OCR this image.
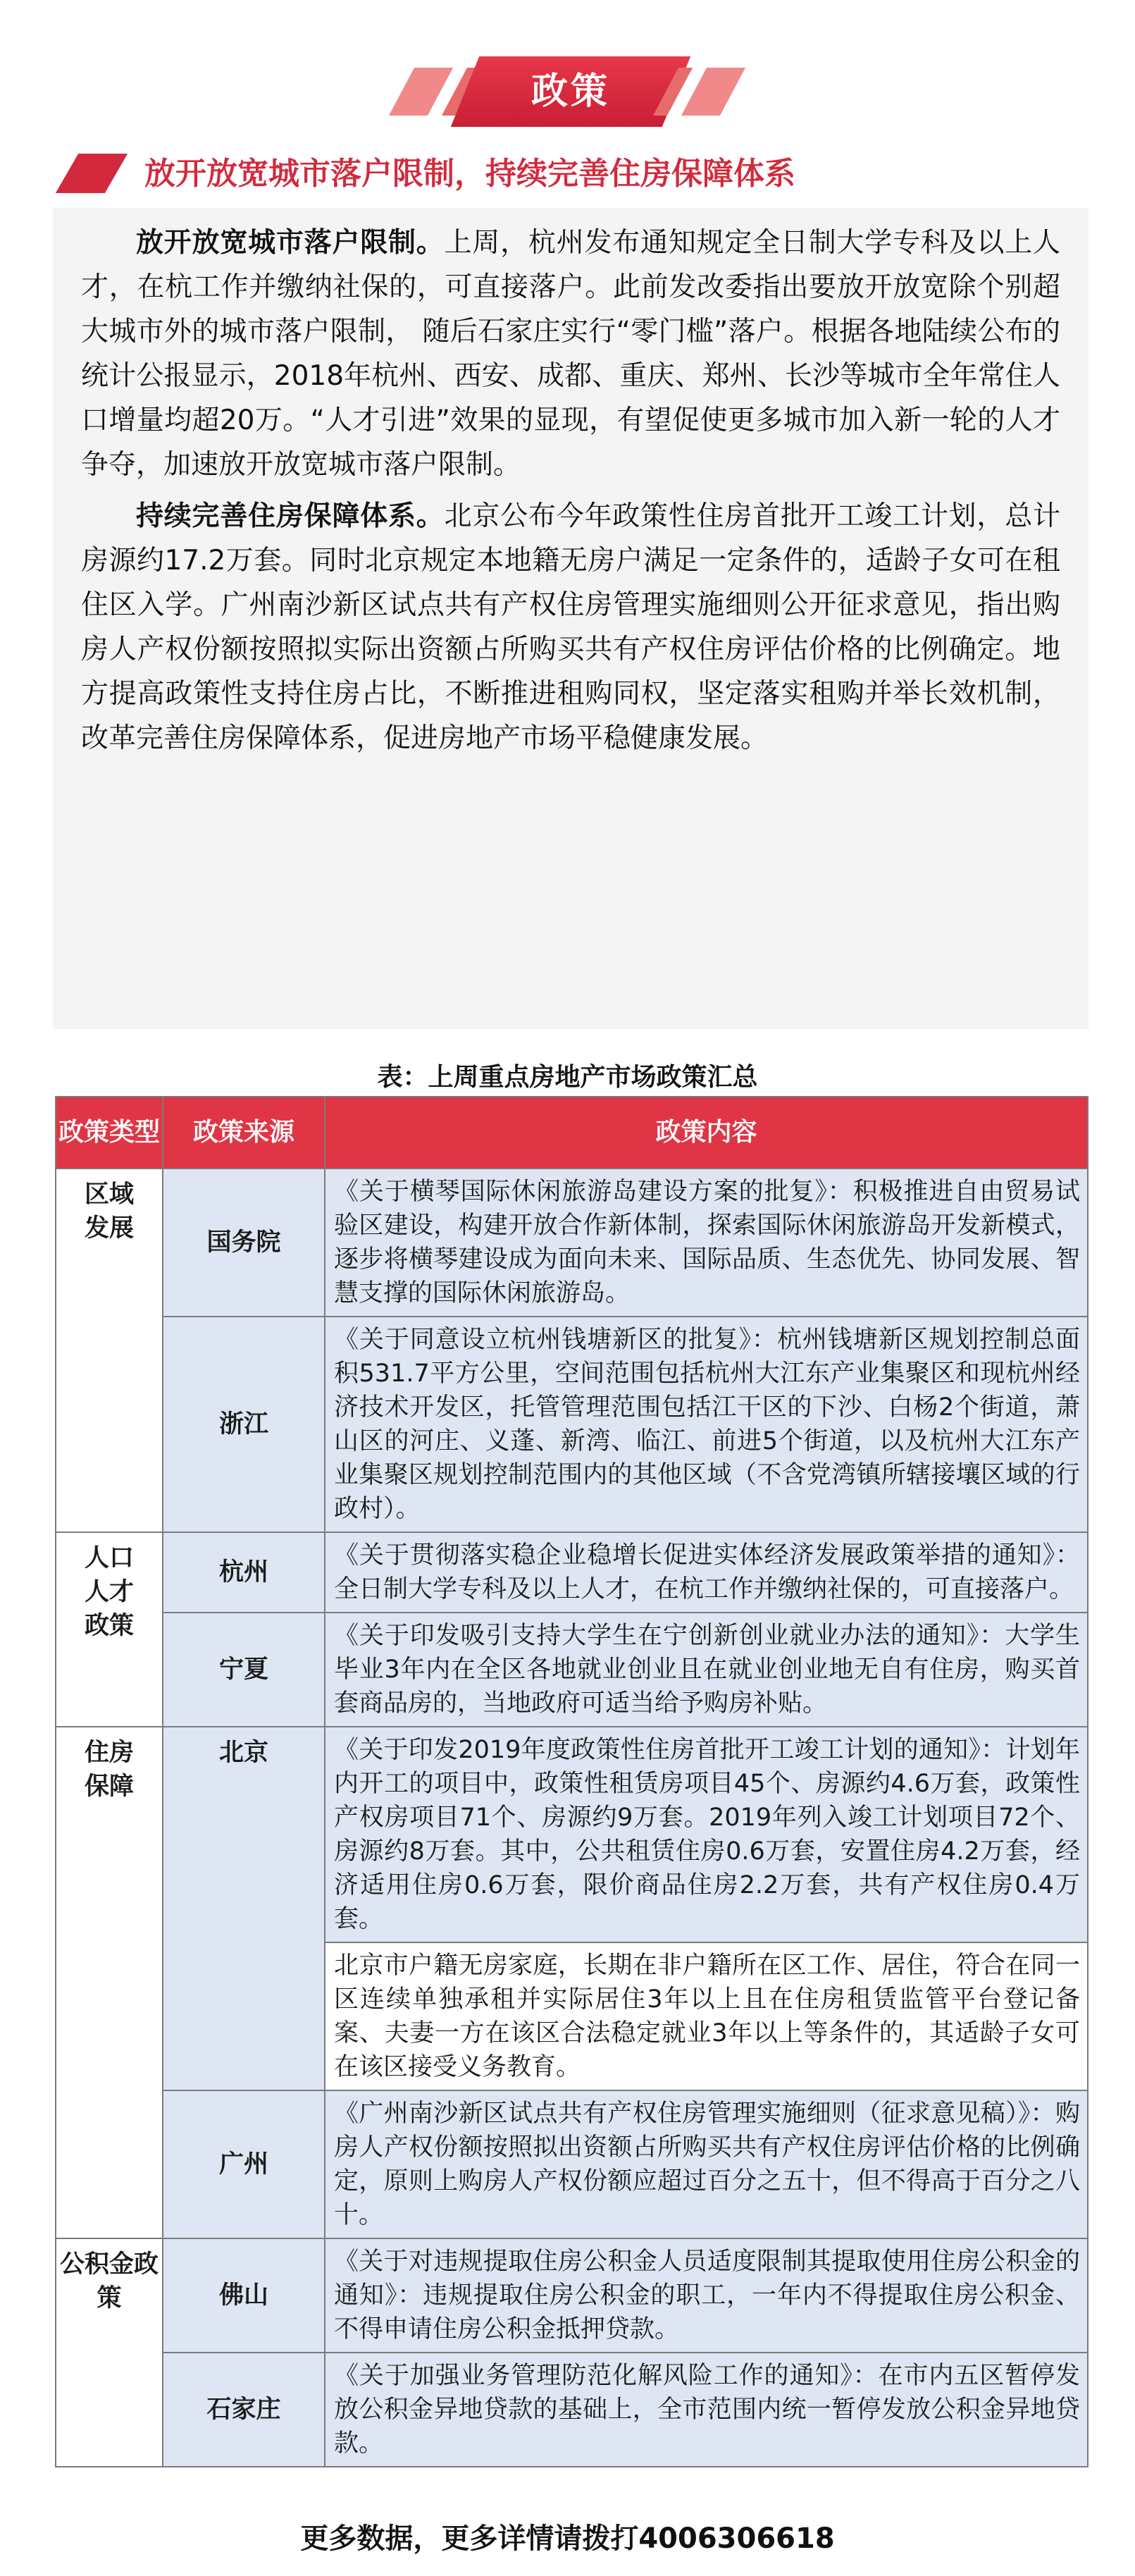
政策
放开放宽城市落户限制，持续完善住房保障体系

放开放宽城市落户限制。上周，杭州发布通知规定全日制大学专科及以上人才，在杭工作并缴纳社保的，可直接落户。此前发改委指出要放开放宽除个别超大城市外的城市落户限制， 随后石家庄实行“零门槛”落户。根据各地陆续公布的统计公报显示，2018年杭州、西安、成都、重庆、郑州、长沙等城市全年常住人口增量均超20万。“人才引进”效果的显现，有望促使更多城市加入新一轮的人才争夺，加速放开放宽城市落户限制。

持续完善住房保障体系。北京公布今年政策性住房首批开工竣工计划，总计房源约17.2万套。同时北京规定本地籍无房户满足一定条件的，适龄子女可在租住区入学。广州南沙新区试点共有产权住房管理实施细则公开征求意见，指出购房人产权份额按照拟实际出资额占所购买共有产权住房评估价格的比例确定。地方提高政策性支持住房占比，不断推进租购同权，坚定落实租购并举长效机制，改革完善住房保障体系，促进房地产市场平稳健康发展。

表：上周重点房地产市场政策汇总
政策类型	政策来源	政策内容

区域发展	国务院	《关于横琴国际休闲旅游岛建设方案的批复》：积极推进自由贸易试验区建设，构建开放合作新体制，探索国际休闲旅游岛开发新模式，逐步将横琴建设成为面向未来、国际品质、生态优先、协同发展、智慧支撑的国际休闲旅游岛。
	浙江	《关于同意设立杭州钱塘新区的批复》：杭州钱塘新区规划控制总面积531.7平方公里，空间范围包括杭州大江东产业集聚区和现杭州经济技术开发区，托管管理范围包括江干区的下沙、白杨2个街道，萧山区的河庄、义蓬、新湾、临江、前进5个街道，以及杭州大江东产业集聚区规划控制范围内的其他区域（不含党湾镇所辖接壤区域的行政村）。

人口人才政策	杭州	《关于贯彻落实稳企业稳增长促进实体经济发展政策举措的通知》：全日制大学专科及以上人才，在杭工作并缴纳社保的，可直接落户。
	宁夏	《关于印发吸引支持大学生在宁创新创业就业办法的通知》：大学生毕业3年内在全区各地就业创业且在就业创业地无自有住房，购买首套商品房的，当地政府可适当给予购房补贴。

住房保障	北京	《关于印发2019年度政策性住房首批开工竣工计划的通知》：计划年内开工的项目中，政策性租赁房项目45个、房源约4.6万套，政策性产权房项目71个、房源约9万套。2019年列入竣工计划项目72个、房源约8万套。其中，公共租赁住房0.6万套，安置住房4.2万套，经济适用住房0.6万套，限价商品住房2.2万套，共有产权住房0.4万套。
		北京市户籍无房家庭，长期在非户籍所在区工作、居住，符合在同一区连续单独承租并实际居住3年以上且在住房租赁监管平台登记备案、夫妻一方在该区合法稳定就业3年以上等条件的，其适龄子女可在该区接受义务教育。
	广州	《广州南沙新区试点共有产权住房管理实施细则（征求意见稿）》：购房人产权份额按照拟出资额占所购买共有产权住房评估价格的比例确定，原则上购房人产权份额应超过百分之五十，但不得高于百分之八十。

公积金政策	佛山	《关于对违规提取住房公积金人员适度限制其提取使用住房公积金的通知》：违规提取住房公积金的职工，一年内不得提取住房公积金、不得申请住房公积金抵押贷款。
	石家庄	《关于加强业务管理防范化解风险工作的通知》：在市内五区暂停发放公积金异地贷款的基础上，全市范围内统一暂停发放公积金异地贷款。
更多数据，更多详情请拨打4006306618
